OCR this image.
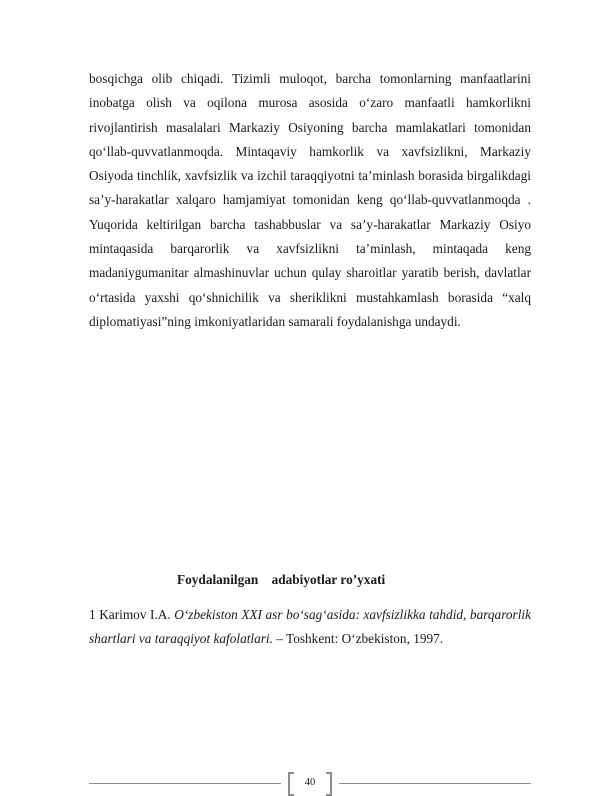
bosqichga olib chiqadi. Tizimli muloqot, barcha tomonlarning manfaatlarini inobatga olish va oqilona murosa asosida o‘zaro manfaatli hamkorlikni rivojlantirish masalalari Markaziy Osiyoning barcha mamlakatlari tomonidan qo‘llab-quvvatlanmoqda. Mintaqaviy hamkorlik va xavfsizlikni, Markaziy Osiyoda tinchlik, xavfsizlik va izchil taraqqiyotni ta’minlash borasida birgalikdagi sa’y-harakatlar xalqaro hamjamiyat tomonidan keng qo‘llab-quvvatlanmoqda . Yuqorida keltirilgan barcha tashabbuslar va sa’y-harakatlar Markaziy Osiyo mintaqasida barqarorlik va xavfsizlikni ta’minlash, mintaqada keng madaniygumanitar almashinuvlar uchun qulay sharoitlar yaratib berish, davlatlar o‘rtasida yaxshi qo‘shnichilik va sheriklikni mustahkamlash borasida “xalq diplomatiyasi”ning imkoniyatlaridan samarali foydalanishga undaydi.

Foydalanilgan    adabiyotlar ro’yxati

1 Karimov I.A. O‘zbekiston XXI asr bo‘sag‘asida: xavfsizlikka tahdid, barqarorlik shartlari va taraqqiyot kafolatlari. – Toshkent: O‘zbekiston, 1997.

40
